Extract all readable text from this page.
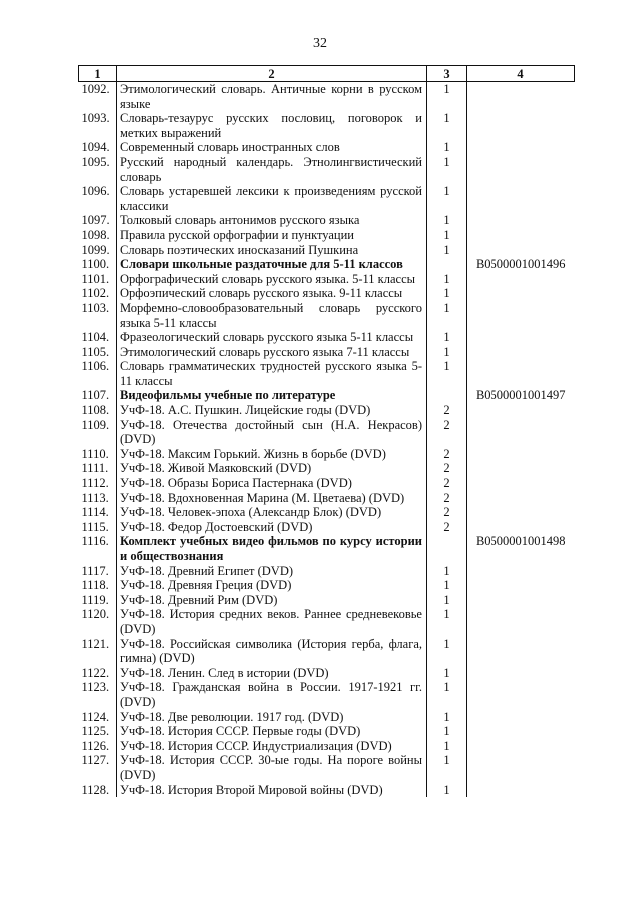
32
1	2	3	4
1092.	Этимологический словарь. Античные корни в русском языке	1	
1093.	Словарь-тезаурус русских пословиц, поговорок и метких выражений	1	
1094.	Современный словарь иностранных слов	1	
1095.	Русский народный календарь. Этнолингвистический словарь	1	
1096.	Словарь устаревшей лексики к произведениям русской классики	1	
1097.	Толковый словарь антонимов русского языка	1	
1098.	Правила русской орфографии и пунктуации	1	
1099.	Словарь поэтических иносказаний Пушкина	1	
1100.	Словари школьные раздаточные для 5-11 классов		B0500001001496
1101.	Орфографический словарь русского языка. 5-11 классы	1	
1102.	Орфоэпический словарь русского языка. 9-11 классы	1	
1103.	Морфемно-словообразовательный словарь русского языка 5-11 классы	1	
1104.	Фразеологический словарь русского языка 5-11 классы	1	
1105.	Этимологический словарь русского языка 7-11 классы	1	
1106.	Словарь грамматических трудностей русского языка 5-11 классы	1	
1107.	Видеофильмы учебные по литературе		B0500001001497
1108.	УчФ-18. А.С. Пушкин. Лицейские годы (DVD)	2	
1109.	УчФ-18. Отечества достойный сын (Н.А. Некрасов) (DVD)	2	
1110.	УчФ-18. Максим Горький. Жизнь в борьбе (DVD)	2	
1111.	УчФ-18. Живой Маяковский (DVD)	2	
1112.	УчФ-18. Образы Бориса Пастернака (DVD)	2	
1113.	УчФ-18. Вдохновенная Марина (М. Цветаева) (DVD)	2	
1114.	УчФ-18. Человек-эпоха (Александр Блок) (DVD)	2	
1115.	УчФ-18. Федор Достоевский (DVD)	2	
1116.	Комплект учебных видео фильмов по курсу истории и обществознания		B0500001001498
1117.	УчФ-18. Древний Египет (DVD)	1	
1118.	УчФ-18. Древняя Греция (DVD)	1	
1119.	УчФ-18. Древний Рим (DVD)	1	
1120.	УчФ-18. История средних веков. Раннее средневековье (DVD)	1	
1121.	УчФ-18. Российская символика (История герба, флага, гимна) (DVD)	1	
1122.	УчФ-18. Ленин. След в истории (DVD)	1	
1123.	УчФ-18. Гражданская война в России. 1917-1921 гг. (DVD)	1	
1124.	УчФ-18. Две революции. 1917 год. (DVD)	1	
1125.	УчФ-18. История СССР. Первые годы (DVD)	1	
1126.	УчФ-18. История СССР. Индустриализация (DVD)	1	
1127.	УчФ-18. История СССР. 30-ые годы. На пороге войны (DVD)	1	
1128.	УчФ-18. История Второй Мировой войны (DVD)	1	
